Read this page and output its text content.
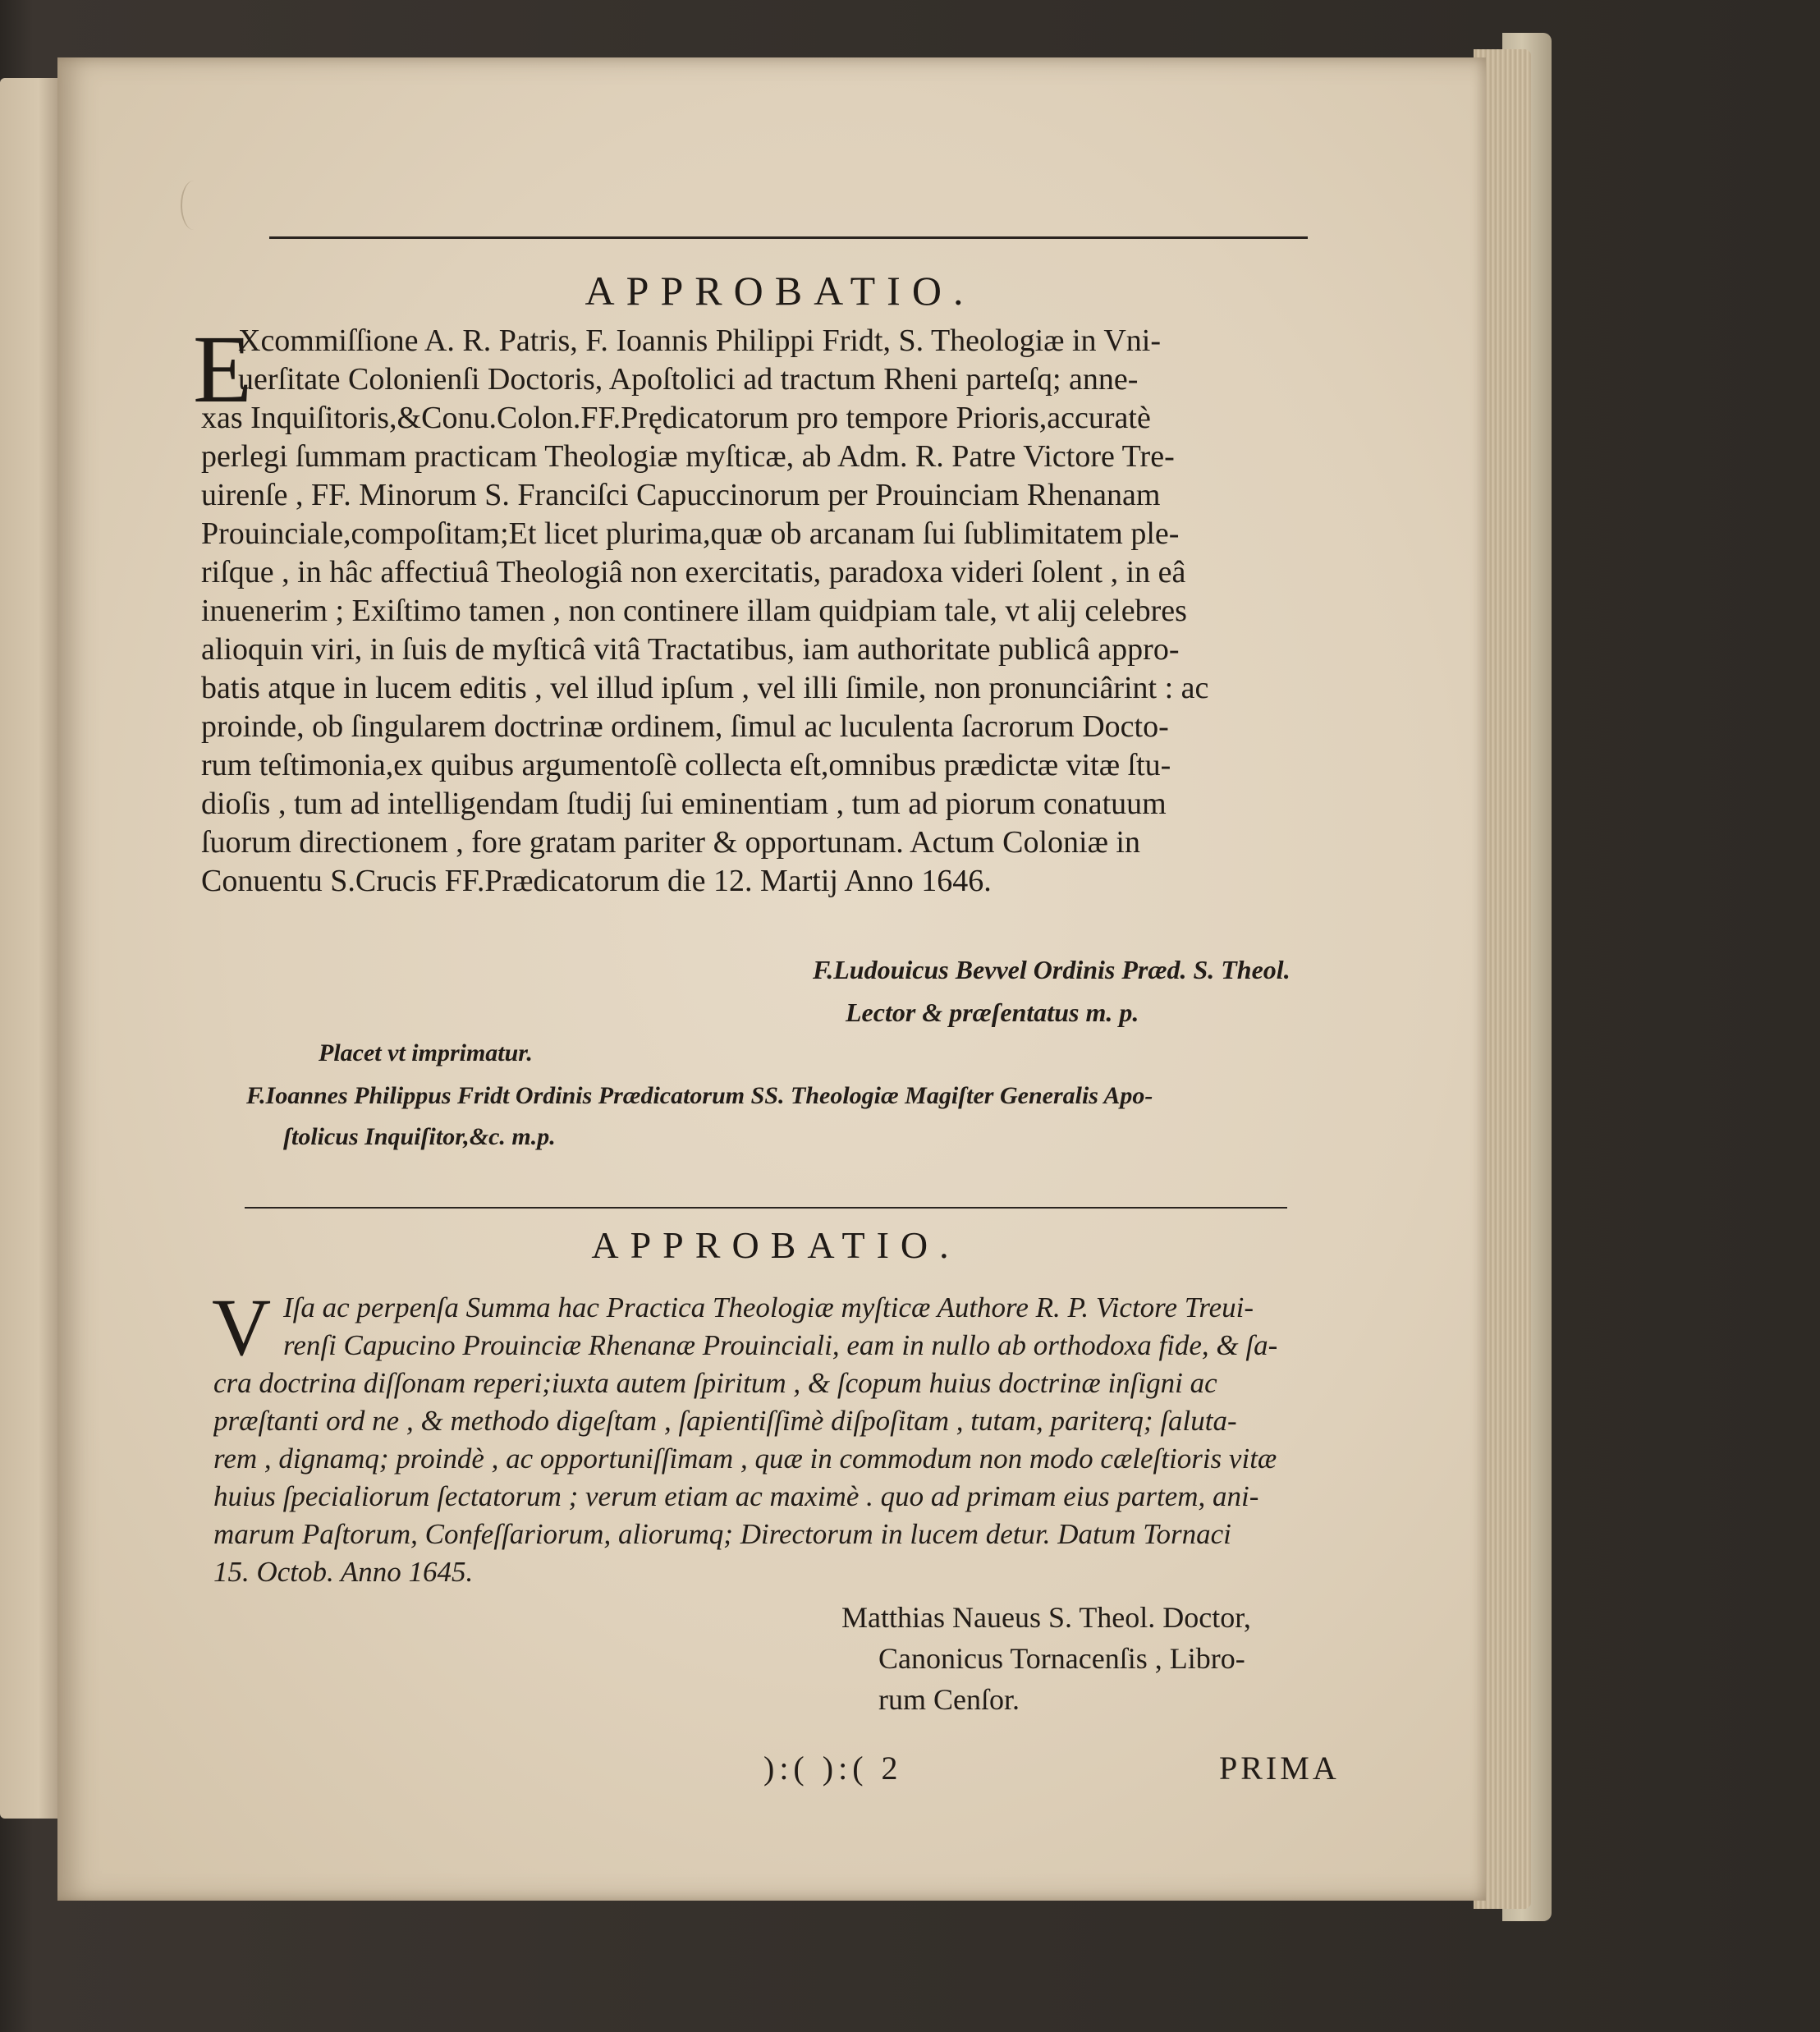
APPROBATIO.
E
Xcommiſſione A. R. Patris, F. Ioannis Philippi Fridt, S. Theologiæ in Vni-
uerſitate Colonienſi Doctoris, Apoſtolici ad tractum Rheni parteſq; anne-
xas Inquiſitoris,&Conu.Colon.FF.Prędicatorum pro tempore Prioris,accuratè
perlegi ſummam practicam Theologiæ myſticæ, ab Adm. R. Patre Victore Tre-
uirenſe , FF. Minorum S. Franciſci Capuccinorum per Prouinciam Rhenanam
Prouinciale,compoſitam;Et licet plurima,quæ ob arcanam ſui ſublimitatem ple-
riſque , in hâc affectiuâ Theologiâ non exercitatis, paradoxa videri ſolent , in eâ
inuenerim ; Exiſtimo tamen , non continere illam quidpiam tale, vt alij celebres
alioquin viri, in ſuis de myſticâ vitâ Tractatibus, iam authoritate publicâ appro-
batis atque in lucem editis , vel illud ipſum , vel illi ſimile, non pronunciârint : ac
proinde, ob ſingularem doctrinæ ordinem, ſimul ac luculenta ſacrorum Docto-
rum teſtimonia,ex quibus argumentoſè collecta eſt,omnibus prædictæ vitæ ſtu-
dioſis , tum ad intelligendam ſtudij ſui eminentiam , tum ad piorum conatuum
ſuorum directionem , fore gratam pariter & opportunam. Actum Coloniæ in
Conuentu S.Crucis FF.Prædicatorum die 12. Martij Anno 1646.
F.Ludouicus Bevvel Ordinis Præd. S. Theol.
Lector & præſentatus m. p.
Placet vt imprimatur.
F.Ioannes Philippus Fridt Ordinis Prædicatorum SS. Theologiæ Magiſter Generalis Apo-
ſtolicus Inquiſitor,&c. m.p.
APPROBATIO.
V Iſa ac perpenſa Summa hac Practica Theologiæ myſticæ Authore R. P. Victore Treui-
renſi Capucino Prouinciæ Rhenanæ Prouinciali, eam in nullo ab orthodoxa fide, & ſa-
cra doctrina diſſonam reperi;iuxta autem ſpiritum , & ſcopum huius doctrinæ inſigni ac
præſtanti ord ne , & methodo digeſtam , ſapientiſſimè diſpoſitam , tutam, pariterq; ſaluta-
rem , dignamq; proindè , ac opportuniſſimam , quæ in commodum non modo cæleſtioris vitæ
huius ſpecialiorum ſectatorum ; verum etiam ac maximè . quo ad primam eius partem, ani-
marum Paſtorum, Confeſſariorum, aliorumq; Directorum in lucem detur. Datum Tornaci
15. Octob. Anno 1645.
Matthias Naueus S. Theol. Doctor,
Canonicus Tornacenſis , Libro-
rum Cenſor.
):( ):( 2	PRIMA
